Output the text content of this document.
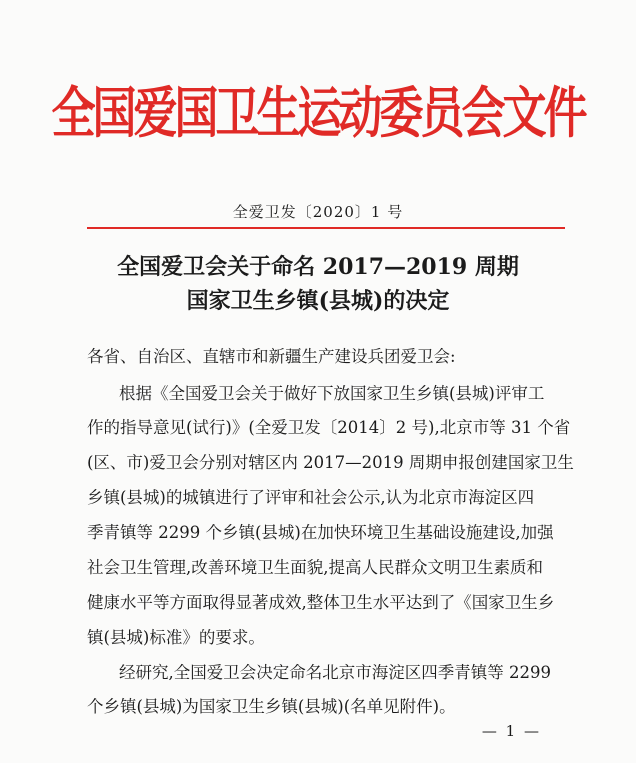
全国爱国卫生运动委员会文件
全爱卫发〔2020〕1 号
全国爱卫会关于命名 2017—2019 周期
国家卫生乡镇(县城)的决定
各省、自治区、直辖市和新疆生产建设兵团爱卫会:
根据《全国爱卫会关于做好下放国家卫生乡镇(县城)评审工
作的指导意见(试行)》(全爱卫发〔2014〕2 号),北京市等 31 个省
(区、市)爱卫会分别对辖区内 2017—2019 周期申报创建国家卫生
乡镇(县城)的城镇进行了评审和社会公示,认为北京市海淀区四
季青镇等 2299 个乡镇(县城)在加快环境卫生基础设施建设,加强
社会卫生管理,改善环境卫生面貌,提高人民群众文明卫生素质和
健康水平等方面取得显著成效,整体卫生水平达到了《国家卫生乡
镇(县城)标准》的要求。
经研究,全国爱卫会决定命名北京市海淀区四季青镇等 2299
个乡镇(县城)为国家卫生乡镇(县城)(名单见附件)。
— 1 —
